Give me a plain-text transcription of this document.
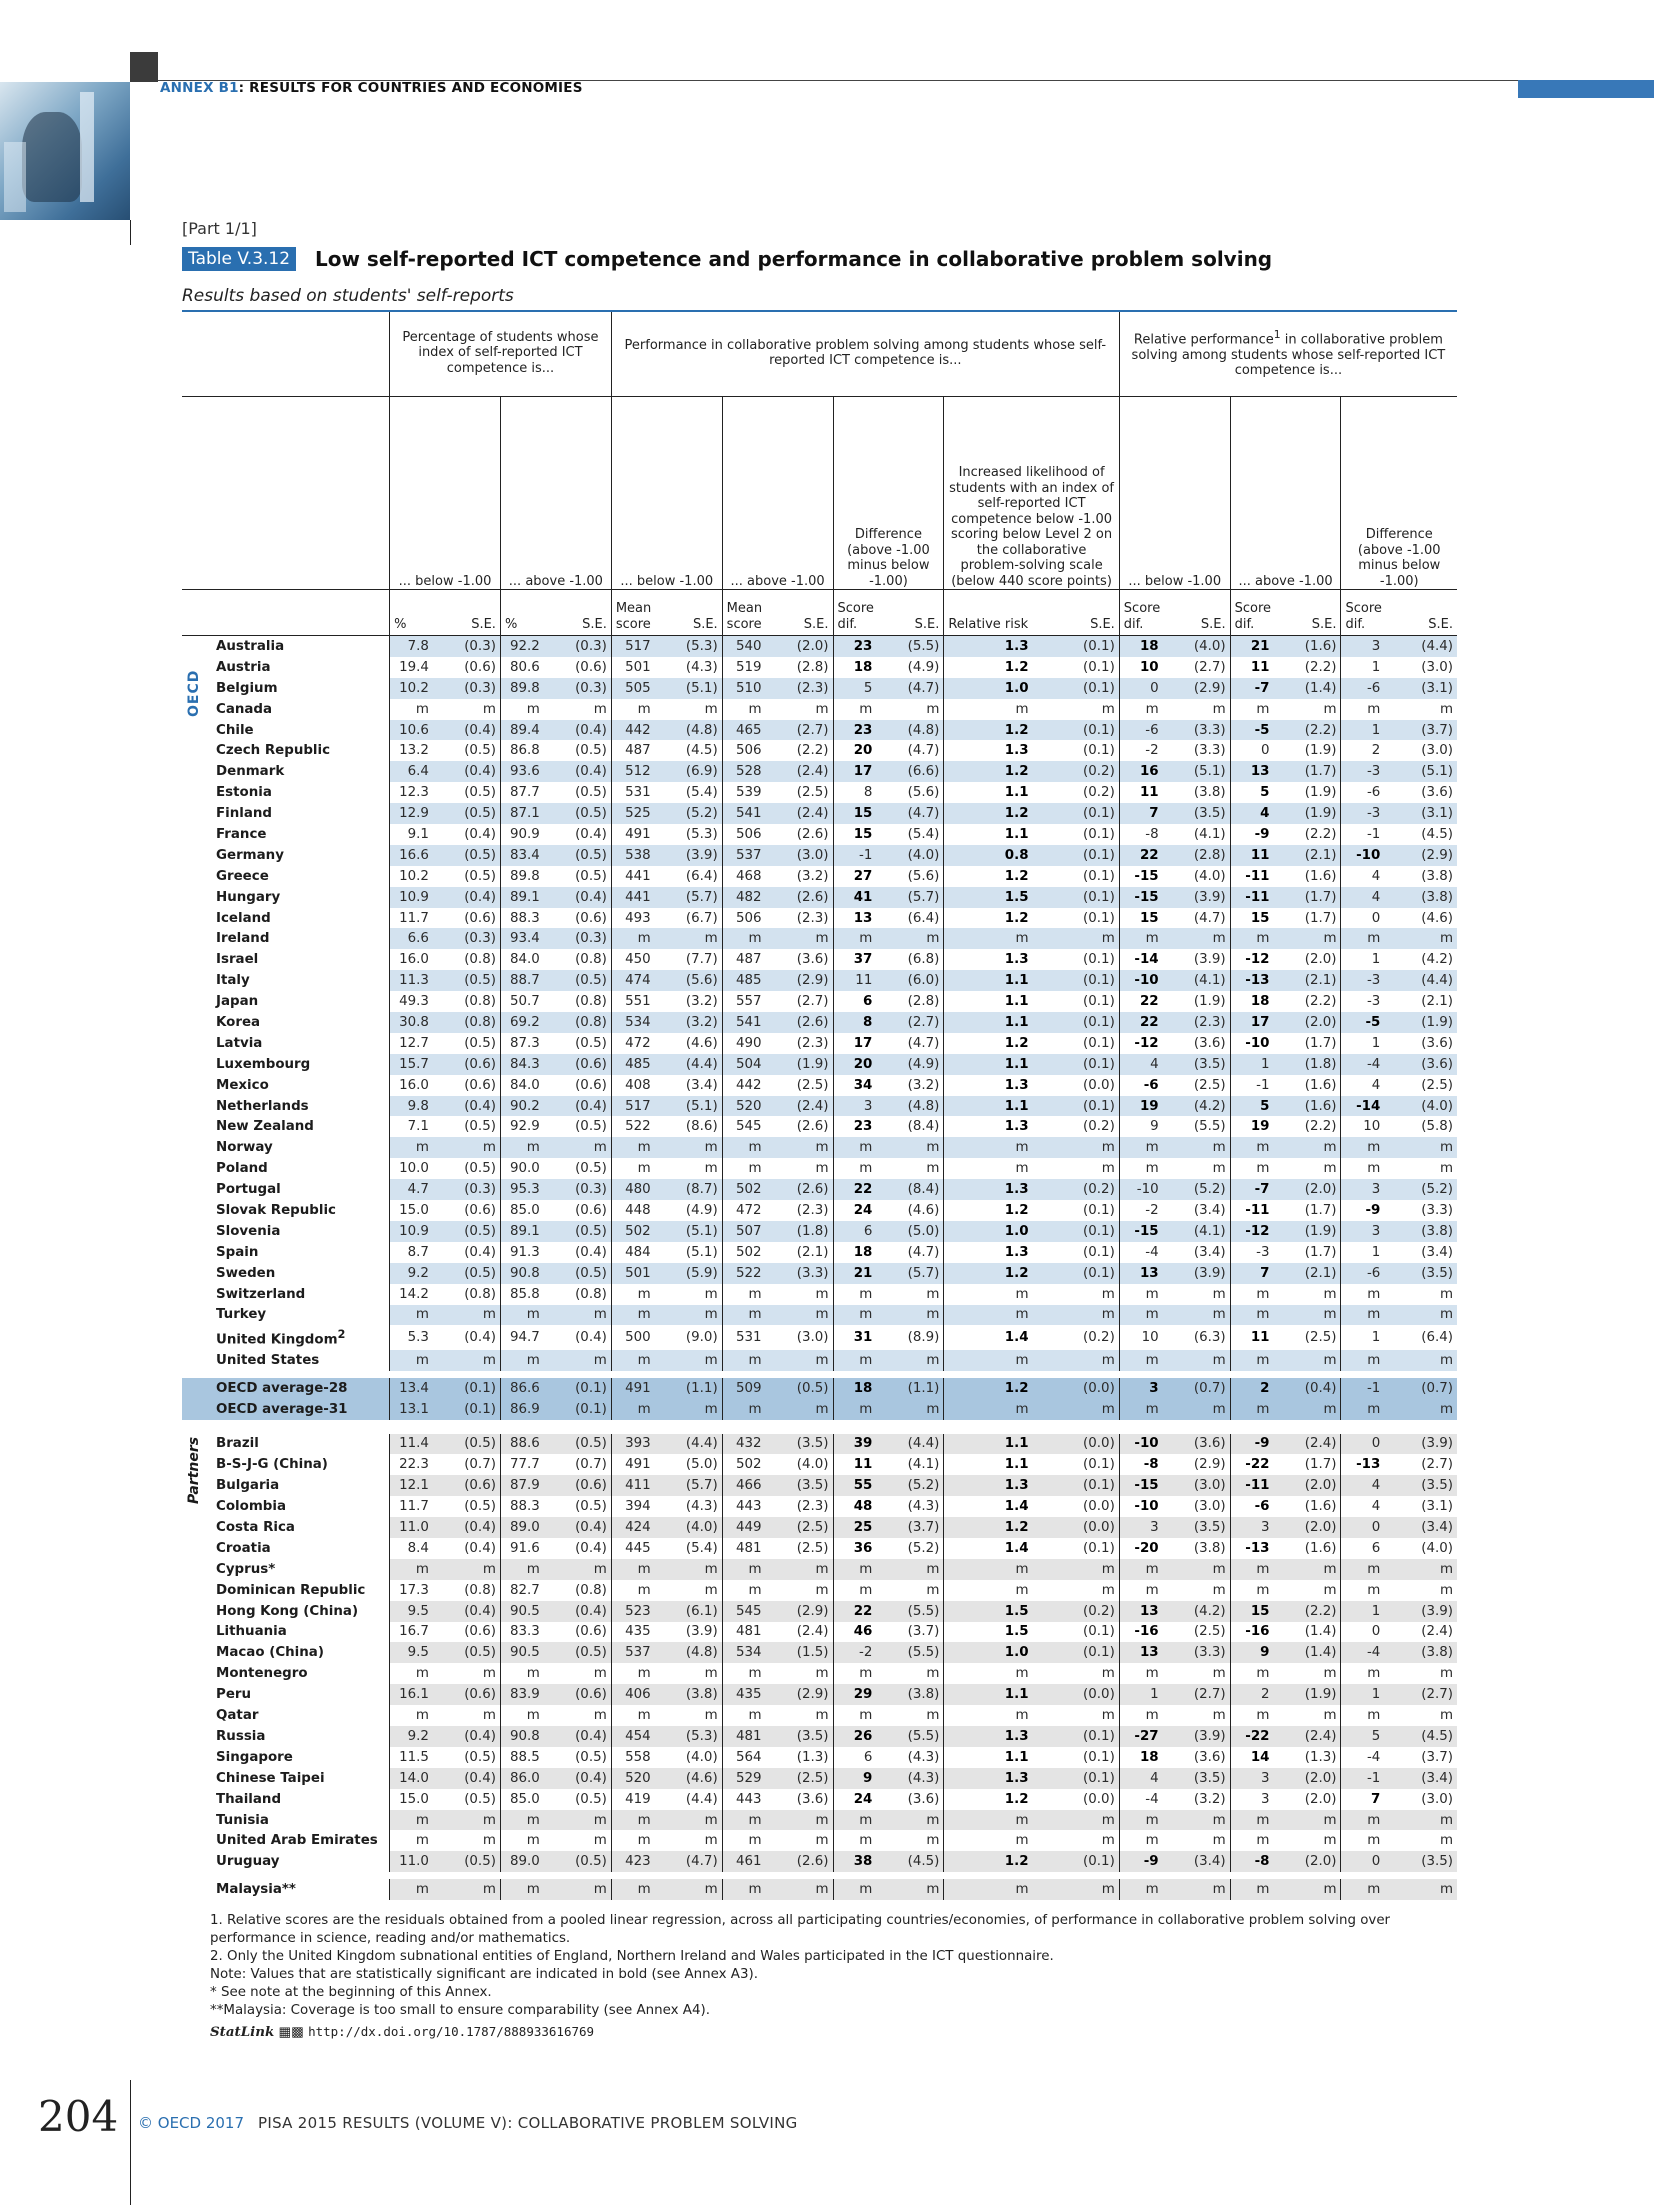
ANNEX B1: RESULTS FOR COUNTRIES AND ECONOMIES
[Part 1/1]
Table V.3.12	Low self-reported ICT competence and performance in collaborative problem solving
Results based on students' self-reports
	Percentage of students whose index of self-reported ICT competence is...				Performance in collaborative problem solving among students whose self-reported ICT competence is...								Relative performance$^1$ in collaborative problem solving among students whose self-reported ICT competence is...					
	... below -1.00		... above -1.00		... below -1.00		... above -1.00		Difference (above -1.00 minus below -1.00)		Increased likelihood of students with an index of self-reported ICT competence below -1.00 scoring below Level 2 on the collaborative problem-solving scale (below 440 score points)		... below -1.00		... above -1.00		Difference (above -1.00 minus below -1.00)	
	%	S.E.	%	S.E.	Mean score	S.E.	Mean score	S.E.	Score dif.	S.E.	Relative risk	S.E.	Score dif.	S.E.	Score dif.	S.E.	Score dif.	S.E.
Australia	7.8	(0.3)	92.2	(0.3)	517	(5.3)	540	(2.0)	23	(5.5)	1.3	(0.1)	18	(4.0)	21	(1.6)	3	(4.4)
Austria	19.4	(0.6)	80.6	(0.6)	501	(4.3)	519	(2.8)	18	(4.9)	1.2	(0.1)	10	(2.7)	11	(2.2)	1	(3.0)
Belgium	10.2	(0.3)	89.8	(0.3)	505	(5.1)	510	(2.3)	5	(4.7)	1.0	(0.1)	0	(2.9)	-7	(1.4)	-6	(3.1)
Canada	m	m	m	m	m	m	m	m	m	m	m	m	m	m	m	m	m	m
Chile	10.6	(0.4)	89.4	(0.4)	442	(4.8)	465	(2.7)	23	(4.8)	1.2	(0.1)	-6	(3.3)	-5	(2.2)	1	(3.7)
Czech Republic	13.2	(0.5)	86.8	(0.5)	487	(4.5)	506	(2.2)	20	(4.7)	1.3	(0.1)	-2	(3.3)	0	(1.9)	2	(3.0)
Denmark	6.4	(0.4)	93.6	(0.4)	512	(6.9)	528	(2.4)	17	(6.6)	1.2	(0.2)	16	(5.1)	13	(1.7)	-3	(5.1)
Estonia	12.3	(0.5)	87.7	(0.5)	531	(5.4)	539	(2.5)	8	(5.6)	1.1	(0.2)	11	(3.8)	5	(1.9)	-6	(3.6)
Finland	12.9	(0.5)	87.1	(0.5)	525	(5.2)	541	(2.4)	15	(4.7)	1.2	(0.1)	7	(3.5)	4	(1.9)	-3	(3.1)
France	9.1	(0.4)	90.9	(0.4)	491	(5.3)	506	(2.6)	15	(5.4)	1.1	(0.1)	-8	(4.1)	-9	(2.2)	-1	(4.5)
Germany	16.6	(0.5)	83.4	(0.5)	538	(3.9)	537	(3.0)	-1	(4.0)	0.8	(0.1)	22	(2.8)	11	(2.1)	-10	(2.9)
Greece	10.2	(0.5)	89.8	(0.5)	441	(6.4)	468	(3.2)	27	(5.6)	1.2	(0.1)	-15	(4.0)	-11	(1.6)	4	(3.8)
Hungary	10.9	(0.4)	89.1	(0.4)	441	(5.7)	482	(2.6)	41	(5.7)	1.5	(0.1)	-15	(3.9)	-11	(1.7)	4	(3.8)
Iceland	11.7	(0.6)	88.3	(0.6)	493	(6.7)	506	(2.3)	13	(6.4)	1.2	(0.1)	15	(4.7)	15	(1.7)	0	(4.6)
Ireland	6.6	(0.3)	93.4	(0.3)	m	m	m	m	m	m	m	m	m	m	m	m	m	m
Israel	16.0	(0.8)	84.0	(0.8)	450	(7.7)	487	(3.6)	37	(6.8)	1.3	(0.1)	-14	(3.9)	-12	(2.0)	1	(4.2)
Italy	11.3	(0.5)	88.7	(0.5)	474	(5.6)	485	(2.9)	11	(6.0)	1.1	(0.1)	-10	(4.1)	-13	(2.1)	-3	(4.4)
Japan	49.3	(0.8)	50.7	(0.8)	551	(3.2)	557	(2.7)	6	(2.8)	1.1	(0.1)	22	(1.9)	18	(2.2)	-3	(2.1)
Korea	30.8	(0.8)	69.2	(0.8)	534	(3.2)	541	(2.6)	8	(2.7)	1.1	(0.1)	22	(2.3)	17	(2.0)	-5	(1.9)
Latvia	12.7	(0.5)	87.3	(0.5)	472	(4.6)	490	(2.3)	17	(4.7)	1.2	(0.1)	-12	(3.6)	-10	(1.7)	1	(3.6)
Luxembourg	15.7	(0.6)	84.3	(0.6)	485	(4.4)	504	(1.9)	20	(4.9)	1.1	(0.1)	4	(3.5)	1	(1.8)	-4	(3.6)
Mexico	16.0	(0.6)	84.0	(0.6)	408	(3.4)	442	(2.5)	34	(3.2)	1.3	(0.0)	-6	(2.5)	-1	(1.6)	4	(2.5)
Netherlands	9.8	(0.4)	90.2	(0.4)	517	(5.1)	520	(2.4)	3	(4.8)	1.1	(0.1)	19	(4.2)	5	(1.6)	-14	(4.0)
New Zealand	7.1	(0.5)	92.9	(0.5)	522	(8.6)	545	(2.6)	23	(8.4)	1.3	(0.2)	9	(5.5)	19	(2.2)	10	(5.8)
Norway	m	m	m	m	m	m	m	m	m	m	m	m	m	m	m	m	m	m
Poland	10.0	(0.5)	90.0	(0.5)	m	m	m	m	m	m	m	m	m	m	m	m	m	m
Portugal	4.7	(0.3)	95.3	(0.3)	480	(8.7)	502	(2.6)	22	(8.4)	1.3	(0.2)	-10	(5.2)	-7	(2.0)	3	(5.2)
Slovak Republic	15.0	(0.6)	85.0	(0.6)	448	(4.9)	472	(2.3)	24	(4.6)	1.2	(0.1)	-2	(3.4)	-11	(1.7)	-9	(3.3)
Slovenia	10.9	(0.5)	89.1	(0.5)	502	(5.1)	507	(1.8)	6	(5.0)	1.0	(0.1)	-15	(4.1)	-12	(1.9)	3	(3.8)
Spain	8.7	(0.4)	91.3	(0.4)	484	(5.1)	502	(2.1)	18	(4.7)	1.3	(0.1)	-4	(3.4)	-3	(1.7)	1	(3.4)
Sweden	9.2	(0.5)	90.8	(0.5)	501	(5.9)	522	(3.3)	21	(5.7)	1.2	(0.1)	13	(3.9)	7	(2.1)	-6	(3.5)
Switzerland	14.2	(0.8)	85.8	(0.8)	m	m	m	m	m	m	m	m	m	m	m	m	m	m
Turkey	m	m	m	m	m	m	m	m	m	m	m	m	m	m	m	m	m	m
United Kingdom$^2$	5.3	(0.4)	94.7	(0.4)	500	(9.0)	531	(3.0)	31	(8.9)	1.4	(0.2)	10	(6.3)	11	(2.5)	1	(6.4)
United States	m	m	m	m	m	m	m	m	m	m	m	m	m	m	m	m	m	m

OECD average-28	13.4	(0.1)	86.6	(0.1)	491	(1.1)	509	(0.5)	18	(1.1)	1.2	(0.0)	3	(0.7)	2	(0.4)	-1	(0.7)
OECD average-31	13.1	(0.1)	86.9	(0.1)	m	m	m	m	m	m	m	m	m	m	m	m	m	m

Brazil	11.4	(0.5)	88.6	(0.5)	393	(4.4)	432	(3.5)	39	(4.4)	1.1	(0.0)	-10	(3.6)	-9	(2.4)	0	(3.9)
B-S-J-G (China)	22.3	(0.7)	77.7	(0.7)	491	(5.0)	502	(4.0)	11	(4.1)	1.1	(0.1)	-8	(2.9)	-22	(1.7)	-13	(2.7)
Bulgaria	12.1	(0.6)	87.9	(0.6)	411	(5.7)	466	(3.5)	55	(5.2)	1.3	(0.1)	-15	(3.0)	-11	(2.0)	4	(3.5)
Colombia	11.7	(0.5)	88.3	(0.5)	394	(4.3)	443	(2.3)	48	(4.3)	1.4	(0.0)	-10	(3.0)	-6	(1.6)	4	(3.1)
Costa Rica	11.0	(0.4)	89.0	(0.4)	424	(4.0)	449	(2.5)	25	(3.7)	1.2	(0.0)	3	(3.5)	3	(2.0)	0	(3.4)
Croatia	8.4	(0.4)	91.6	(0.4)	445	(5.4)	481	(2.5)	36	(5.2)	1.4	(0.1)	-20	(3.8)	-13	(1.6)	6	(4.0)
Cyprus*	m	m	m	m	m	m	m	m	m	m	m	m	m	m	m	m	m	m
Dominican Republic	17.3	(0.8)	82.7	(0.8)	m	m	m	m	m	m	m	m	m	m	m	m	m	m
Hong Kong (China)	9.5	(0.4)	90.5	(0.4)	523	(6.1)	545	(2.9)	22	(5.5)	1.5	(0.2)	13	(4.2)	15	(2.2)	1	(3.9)
Lithuania	16.7	(0.6)	83.3	(0.6)	435	(3.9)	481	(2.4)	46	(3.7)	1.5	(0.1)	-16	(2.5)	-16	(1.4)	0	(2.4)
Macao (China)	9.5	(0.5)	90.5	(0.5)	537	(4.8)	534	(1.5)	-2	(5.5)	1.0	(0.1)	13	(3.3)	9	(1.4)	-4	(3.8)
Montenegro	m	m	m	m	m	m	m	m	m	m	m	m	m	m	m	m	m	m
Peru	16.1	(0.6)	83.9	(0.6)	406	(3.8)	435	(2.9)	29	(3.8)	1.1	(0.0)	1	(2.7)	2	(1.9)	1	(2.7)
Qatar	m	m	m	m	m	m	m	m	m	m	m	m	m	m	m	m	m	m
Russia	9.2	(0.4)	90.8	(0.4)	454	(5.3)	481	(3.5)	26	(5.5)	1.3	(0.1)	-27	(3.9)	-22	(2.4)	5	(4.5)
Singapore	11.5	(0.5)	88.5	(0.5)	558	(4.0)	564	(1.3)	6	(4.3)	1.1	(0.1)	18	(3.6)	14	(1.3)	-4	(3.7)
Chinese Taipei	14.0	(0.4)	86.0	(0.4)	520	(4.6)	529	(2.5)	9	(4.3)	1.3	(0.1)	4	(3.5)	3	(2.0)	-1	(3.4)
Thailand	15.0	(0.5)	85.0	(0.5)	419	(4.4)	443	(3.6)	24	(3.6)	1.2	(0.0)	-4	(3.2)	3	(2.0)	7	(3.0)
Tunisia	m	m	m	m	m	m	m	m	m	m	m	m	m	m	m	m	m	m
United Arab Emirates	m	m	m	m	m	m	m	m	m	m	m	m	m	m	m	m	m	m
Uruguay	11.0	(0.5)	89.0	(0.5)	423	(4.7)	461	(2.6)	38	(4.5)	1.2	(0.1)	-9	(3.4)	-8	(2.0)	0	(3.5)

Malaysia**	m	m	m	m	m	m	m	m	m	m	m	m	m	m	m	m	m	m
OECD
Partners

1. Relative scores are the residuals obtained from a pooled linear regression, across all participating countries/economies, of performance in collaborative problem solving over performance in science, reading and/or mathematics.

2. Only the United Kingdom subnational entities of England, Northern Ireland and Wales participated in the ICT questionnaire.

Note: Values that are statistically significant are indicated in bold (see Annex A3).

* See note at the beginning of this Annex.

**Malaysia: Coverage is too small to ensure comparability (see Annex A4).

StatLink ▦▩ http://dx.doi.org/10.1787/888933616769
204 © OECD 2017 PISA 2015 RESULTS (VOLUME V): COLLABORATIVE PROBLEM SOLVING
